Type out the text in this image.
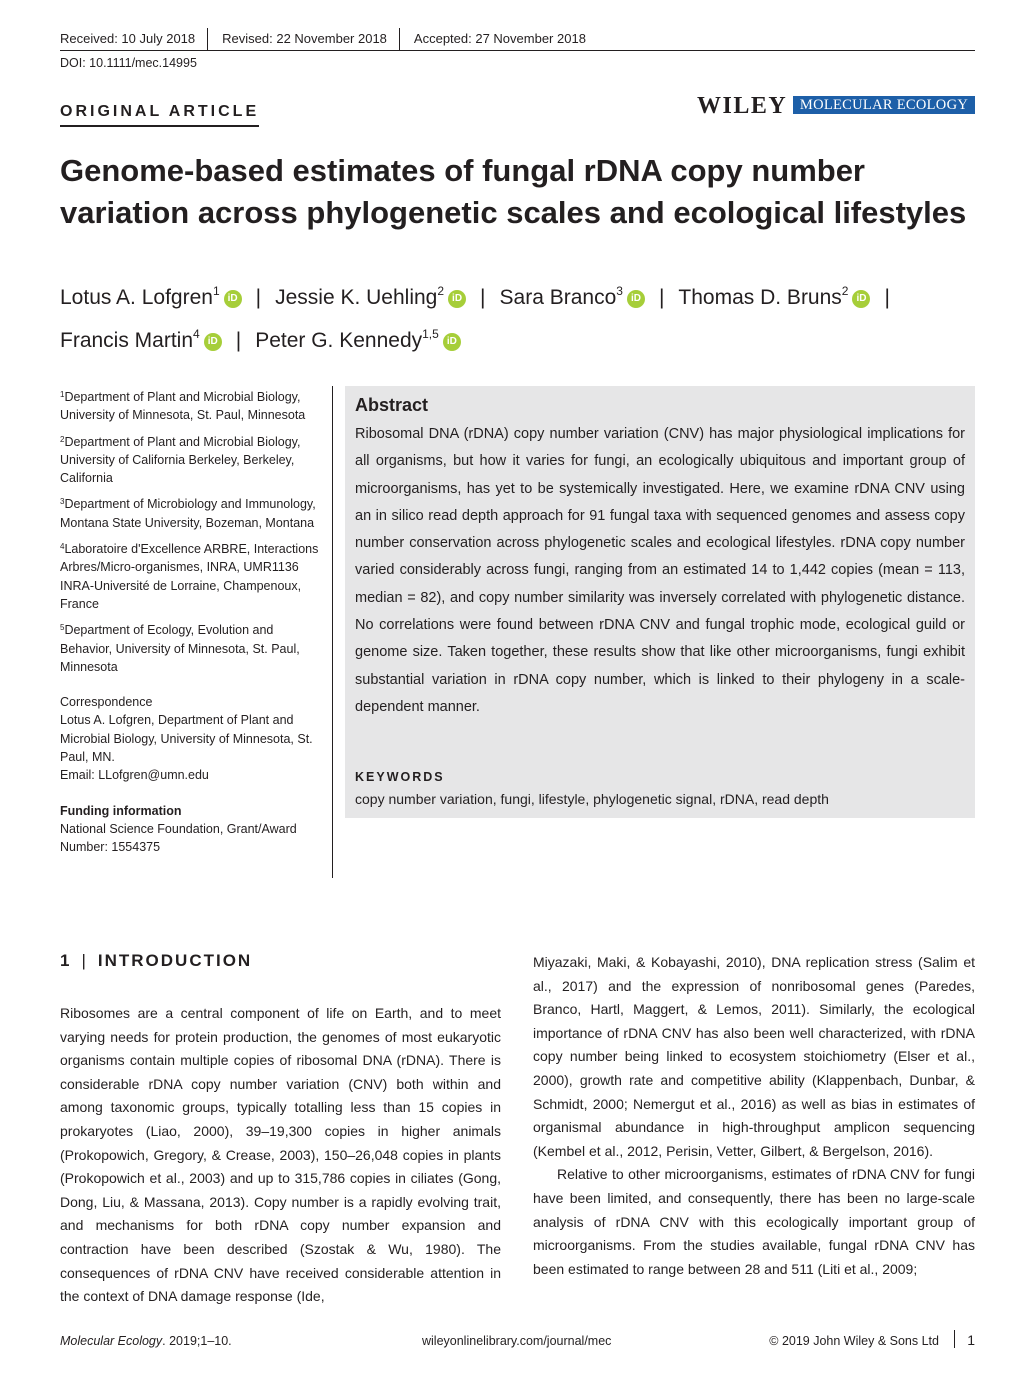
Received: 10 July 2018	Revised: 22 November 2018	Accepted: 27 November 2018
DOI: 10.1111/mec.14995
ORIGINAL ARTICLE	WILEY MOLECULAR ECOLOGY
Genome-based estimates of fungal rDNA copy number
variation across phylogenetic scales and ecological lifestyles
Lotus A. Lofgren$^1$iD | Jessie K. Uehling$^2$iD | Sara Branco$^3$iD | Thomas D. Bruns$^2$iD |
Francis Martin$^4$iD | Peter G. Kennedy$^{1,5}$iD
$^1$Department of Plant and Microbial Biology, University of Minnesota, St. Paul, Minnesota
$^2$Department of Plant and Microbial Biology, University of California Berkeley, Berkeley, California
$^3$Department of Microbiology and Immunology, Montana State University, Bozeman, Montana
$^4$Laboratoire d'Excellence ARBRE, Interactions Arbres/Micro-organismes, INRA, UMR1136 INRA-Université de Lorraine, Champenoux, France
$^5$Department of Ecology, Evolution and Behavior, University of Minnesota, St. Paul, Minnesota
Correspondence
Lotus A. Lofgren, Department of Plant and Microbial Biology, University of Minnesota, St. Paul, MN.
Email: LLofgren@umn.edu
Funding information
National Science Foundation, Grant/Award Number: 1554375
Abstract
Ribosomal DNA (rDNA) copy number variation (CNV) has major physiological implications for all organisms, but how it varies for fungi, an ecologically ubiquitous and important group of microorganisms, has yet to be systemically investigated. Here, we examine rDNA CNV using an in silico read depth approach for 91 fungal taxa with sequenced genomes and assess copy number conservation across phylogenetic scales and ecological lifestyles. rDNA copy number varied considerably across fungi, ranging from an estimated 14 to 1,442 copies (mean = 113, median = 82), and copy number similarity was inversely correlated with phylogenetic distance. No correlations were found between rDNA CNV and fungal trophic mode, ecological guild or genome size. Taken together, these results show that like other microorganisms, fungi exhibit substantial variation in rDNA copy number, which is linked to their phylogeny in a scale-dependent manner.
KEYWORDS
copy number variation, fungi, lifestyle, phylogenetic signal, rDNA, read depth
1 | INTRODUCTION
Ribosomes are a central component of life on Earth, and to meet varying needs for protein production, the genomes of most eukaryotic organisms contain multiple copies of ribosomal DNA (rDNA). There is considerable rDNA copy number variation (CNV) both within and among taxonomic groups, typically totalling less than 15 copies in prokaryotes (Liao, 2000), 39–19,300 copies in higher animals (Prokopowich, Gregory, & Crease, 2003), 150–26,048 copies in plants (Prokopowich et al., 2003) and up to 315,786 copies in ciliates (Gong, Dong, Liu, & Massana, 2013). Copy number is a rapidly evolving trait, and mechanisms for both rDNA copy number expansion and contraction have been described (Szostak & Wu, 1980). The consequences of rDNA CNV have received considerable attention in the context of DNA damage response (Ide,
Miyazaki, Maki, & Kobayashi, 2010), DNA replication stress (Salim et al., 2017) and the expression of nonribosomal genes (Paredes, Branco, Hartl, Maggert, & Lemos, 2011). Similarly, the ecological importance of rDNA CNV has also been well characterized, with rDNA copy number being linked to ecosystem stoichiometry (Elser et al., 2000), growth rate and competitive ability (Klappenbach, Dunbar, & Schmidt, 2000; Nemergut et al., 2016) as well as bias in estimates of organismal abundance in high-throughput amplicon sequencing (Kembel et al., 2012, Perisin, Vetter, Gilbert, & Bergelson, 2016).
Relative to other microorganisms, estimates of rDNA CNV for fungi have been limited, and consequently, there has been no large-scale analysis of rDNA CNV with this ecologically important group of microorganisms. From the studies available, fungal rDNA CNV has been estimated to range between 28 and 511 (Liti et al., 2009;
Molecular Ecology. 2019;1–10.	wileyonlinelibrary.com/journal/mec	© 2019 John Wiley & Sons Ltd 1
